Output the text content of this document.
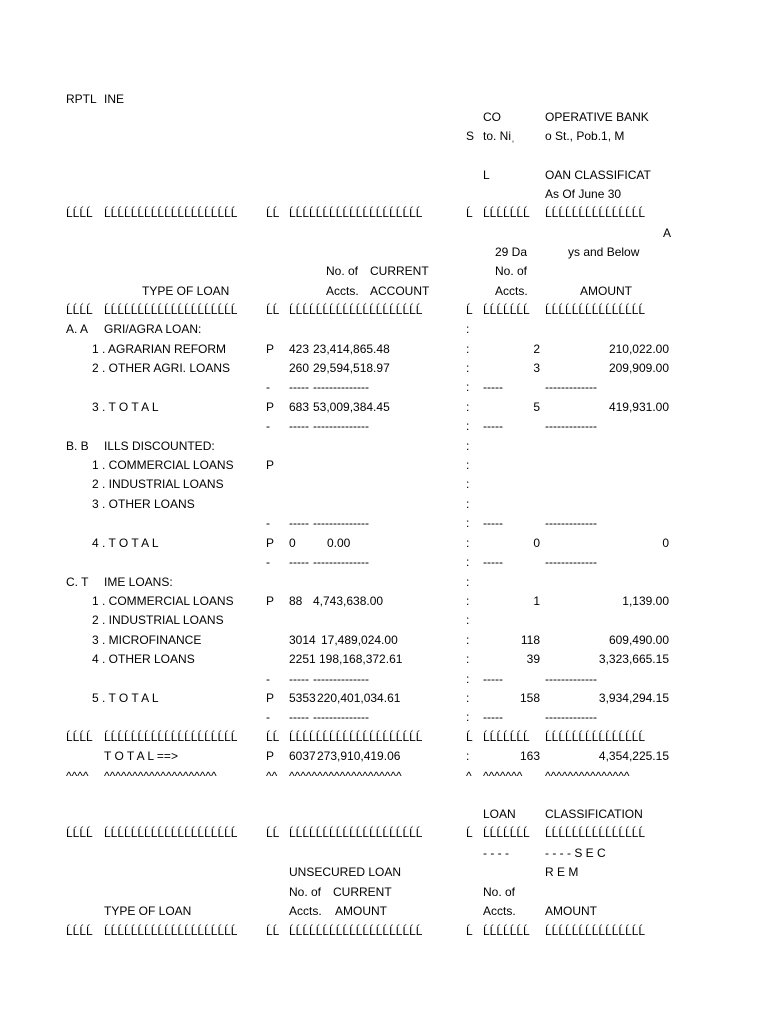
RPTL INE
CO	OPERATIVE BANK
S to. Niˌ o St., Pob.1, M
L	OAN CLASSIFICAT
As Of June 30
ĹĹĹĹ ĹĹĹĹĹĹĹĹĹĹĹĹĹĹĹĹĹĹĹĹ ĹĹ ĹĹĹĹĹĹĹĹĹĹĹĹĹĹĹĹĹĹĹĹ	Ĺ ĹĹĹĹĹĹĹ ĹĹĹĹĹĹĹĹĹĹĹĹĹĹĹ
A
29 Da	ys and Below
No. of CURRENT	No. of
TYPE OF LOAN	Accts. ACCOUNT	Accts.	AMOUNT
ĹĹĹĹ ĹĹĹĹĹĹĹĹĹĹĹĹĹĹĹĹĹĹĹĹ ĹĹ ĹĹĹĹĹĹĹĹĹĹĹĹĹĹĹĹĹĹĹĹ	Ĺ ĹĹĹĹĹĹĹ ĹĹĹĹĹĹĹĹĹĹĹĹĹĹĹ
A. A GRI/AGRA LOAN:	:
1 . AGRARIAN REFORM	P 423 23,414,865.48	:	2	210,022.00
2 . OTHER AGRI. LOANS	260 29,594,518.97	:	3	209,909.00
- ----- --------------	: -----	-------------
3 . T O T A L	P 683 53,009,384.45	:	5	419,931.00
- ----- --------------	: -----	-------------
B. B ILLS DISCOUNTED:	:
1 . COMMERCIAL LOANS	P	:
2 . INDUSTRIAL LOANS	:
3 . OTHER LOANS	:
- ----- --------------	: -----	-------------
4 . T O T A L	P 0	0.00	:	0	0
- ----- --------------	: -----	-------------
C. T IME LOANS:	:
1 . COMMERCIAL LOANS	P 88 4,743,638.00	:	1	1,139.00
2 . INDUSTRIAL LOANS	:
3 . MICROFINANCE	3014 17,489,024.00	:	118	609,490.00
4 . OTHER LOANS	2251 198,168,372.61	:	39	3,323,665.15
- ----- --------------	: -----	-------------
5 . T O T A L	P 5353 220,401,034.61	:	158	3,934,294.15
- ----- --------------	: -----	-------------
ĹĹĹĹ ĹĹĹĹĹĹĹĹĹĹĹĹĹĹĹĹĹĹĹĹ ĹĹ ĹĹĹĹĹĹĹĹĹĹĹĹĹĹĹĹĹĹĹĹ	Ĺ ĹĹĹĹĹĹĹ ĹĹĹĹĹĹĹĹĹĹĹĹĹĹĹ
T O T A L ==>	P 6037 273,910,419.06	:	163	4,354,225.15
^^^^ ^^^^^^^^^^^^^^^^^^^^	^^ ^^^^^^^^^^^^^^^^^^^^	^ ^^^^^^^ ^^^^^^^^^^^^^^^
LOAN CLASSIFICATION
ĹĹĹĹ ĹĹĹĹĹĹĹĹĹĹĹĹĹĹĹĹĹĹĹĹ ĹĹ ĹĹĹĹĹĹĹĹĹĹĹĹĹĹĹĹĹĹĹĹ	Ĺ ĹĹĹĹĹĹĹ ĹĹĹĹĹĹĹĹĹĹĹĹĹĹĹ
- - - -	- - - - S E C
UNSECURED LOAN	R E M
No. of CURRENT	No. of
TYPE OF LOAN	Accts. AMOUNT	Accts. AMOUNT
ĹĹĹĹ ĹĹĹĹĹĹĹĹĹĹĹĹĹĹĹĹĹĹĹĹ ĹĹ ĹĹĹĹĹĹĹĹĹĹĹĹĹĹĹĹĹĹĹĹ	Ĺ ĹĹĹĹĹĹĹ ĹĹĹĹĹĹĹĹĹĹĹĹĹĹĹ
